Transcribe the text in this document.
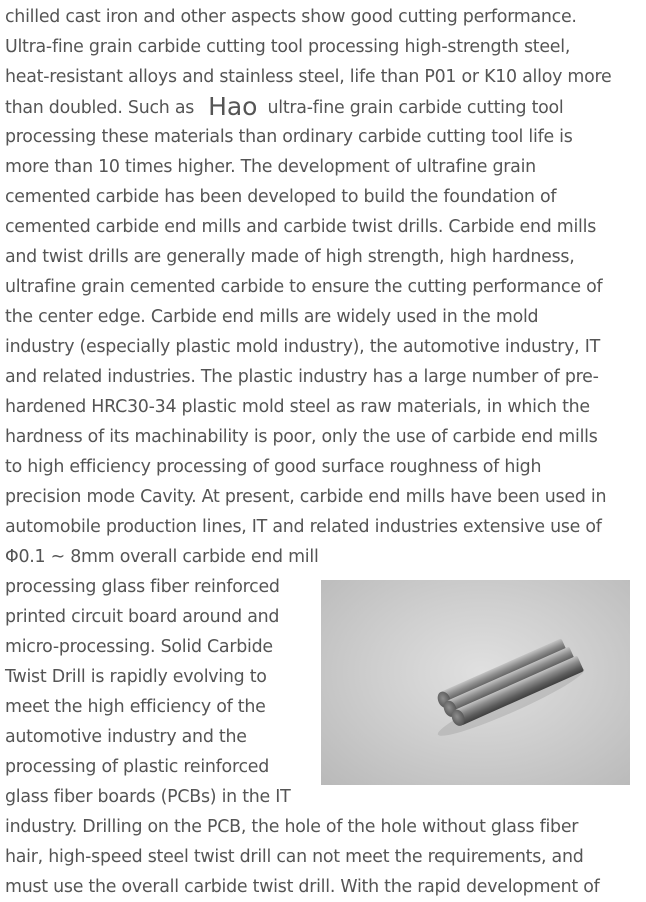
chilled cast iron and other aspects show good cutting performance.
Ultra-fine grain carbide cutting tool processing high-strength steel,
heat-resistant alloys and stainless steel, life than P01 or K10 alloy more
than doubled. Such as Hao ultra-fine grain carbide cutting tool
processing these materials than ordinary carbide cutting tool life is
more than 10 times higher. The development of ultrafine grain
cemented carbide has been developed to build the foundation of
cemented carbide end mills and carbide twist drills. Carbide end mills
and twist drills are generally made of high strength, high hardness,
ultrafine grain cemented carbide to ensure the cutting performance of
the center edge. Carbide end mills are widely used in the mold
industry (especially plastic mold industry), the automotive industry, IT
and related industries. The plastic industry has a large number of pre-
hardened HRC30-34 plastic mold steel as raw materials, in which the
hardness of its machinability is poor, only the use of carbide end mills
to high efficiency processing of good surface roughness of high
precision mode Cavity. At present, carbide end mills have been used in
automobile production lines, IT and related industries extensive use of
Φ0.1 ~ 8mm overall carbide end mill
processing glass fiber reinforced
printed circuit board around and
micro-processing. Solid Carbide
Twist Drill is rapidly evolving to
meet the high efficiency of the
automotive industry and the
processing of plastic reinforced
glass fiber boards (PCBs) in the IT
industry. Drilling on the PCB, the hole of the hole without glass fiber
hair, high-speed steel twist drill can not meet the requirements, and
must use the overall carbide twist drill. With the rapid development of
